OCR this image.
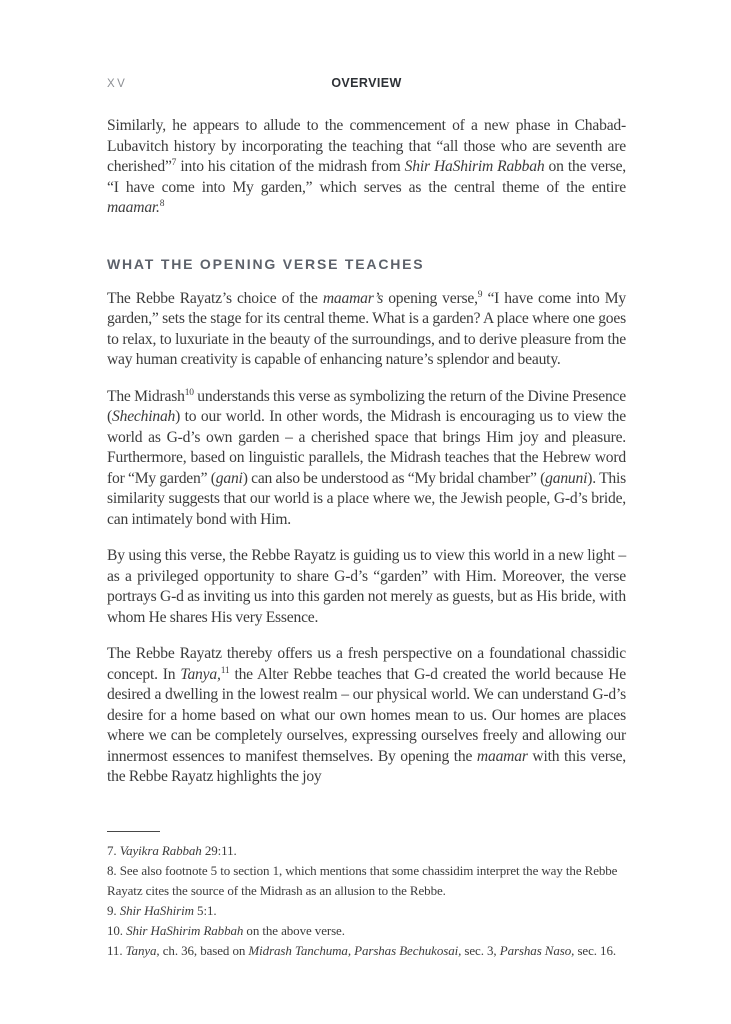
XV	OVERVIEW

Similarly, he appears to allude to the commencement of a new phase in Chabad-Lubavitch history by incorporating the teaching that “all those who are seventh are cherished”$^7$ into his citation of the midrash from Shir HaShirim Rabbah on the verse, “I have come into My garden,” which serves as the central theme of the entire maamar.$^8$

WHAT THE OPENING VERSE TEACHES

The Rebbe Rayatz’s choice of the maamar’s opening verse,$^9$ “I have come into My garden,” sets the stage for its central theme. What is a garden? A place where one goes to relax, to luxuriate in the beauty of the surroundings, and to derive pleasure from the way human creativity is capable of enhancing nature’s splendor and beauty.

The Midrash$^{10}$ understands this verse as symbolizing the return of the Divine Presence (Shechinah) to our world. In other words, the Midrash is encouraging us to view the world as G-d’s own garden – a cherished space that brings Him joy and pleasure. Furthermore, based on linguistic parallels, the Midrash teaches that the Hebrew word for “My garden” (gani) can also be understood as “My bridal chamber” (ganuni). This similarity suggests that our world is a place where we, the Jewish people, G-d’s bride, can intimately bond with Him.

By using this verse, the Rebbe Rayatz is guiding us to view this world in a new light – as a privileged opportunity to share G-d’s “garden” with Him. Moreover, the verse portrays G-d as inviting us into this garden not merely as guests, but as His bride, with whom He shares His very Essence.

The Rebbe Rayatz thereby offers us a fresh perspective on a foundational chassidic concept. In Tanya,$^{11}$ the Alter Rebbe teaches that G-d created the world because He desired a dwelling in the lowest realm – our physical world. We can understand G-d’s desire for a home based on what our own homes mean to us. Our homes are places where we can be completely ourselves, expressing ourselves freely and allowing our innermost essences to manifest themselves. By opening the maamar with this verse, the Rebbe Rayatz highlights the joy

7. Vayikra Rabbah 29:11.

8. See also footnote 5 to section 1, which mentions that some chassidim interpret the way the Rebbe Rayatz cites the source of the Midrash as an allusion to the Rebbe.

9. Shir HaShirim 5:1.

10. Shir HaShirim Rabbah on the above verse.

11. Tanya, ch. 36, based on Midrash Tanchuma, Parshas Bechukosai, sec. 3, Parshas Naso, sec. 16.
